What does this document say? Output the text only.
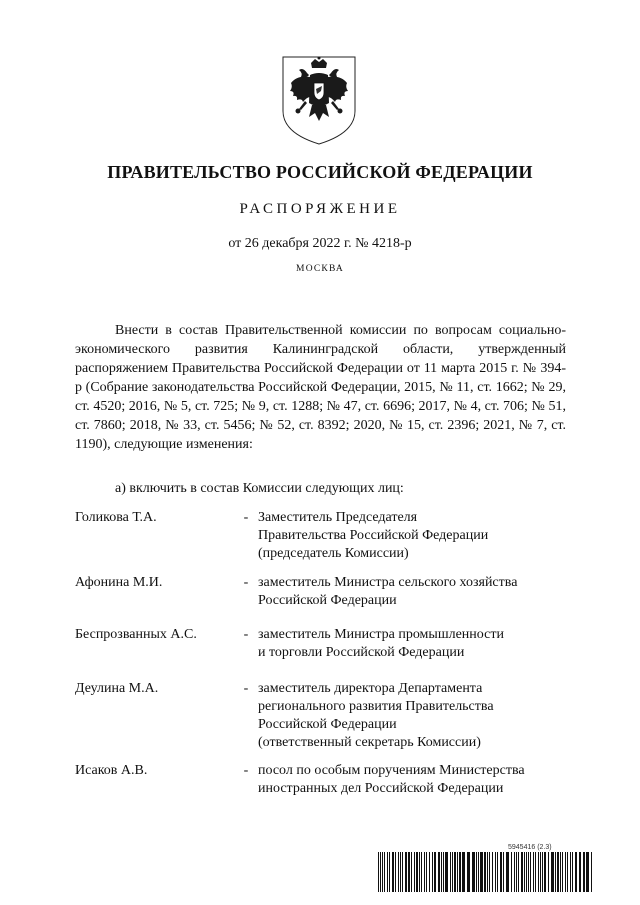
ПРАВИТЕЛЬСТВО РОССИЙСКОЙ ФЕДЕРАЦИИ
РАСПОРЯЖЕНИЕ
от 26 декабря 2022 г. № 4218-р
МОСКВА
Внести в состав Правительственной комиссии по вопросам социально-экономического развития Калининградской области, утвержденный распоряжением Правительства Российской Федерации от 11 марта 2015 г. № 394-р (Собрание законодательства Российской Федерации, 2015, № 11, ст. 1662; № 29, ст. 4520; 2016, № 5, ст. 725; № 9, ст. 1288; № 47, ст. 6696; 2017, № 4, ст. 706; № 51, ст. 7860; 2018, № 33, ст. 5456; № 52, ст. 8392; 2020, № 15, ст. 2396; 2021, № 7, ст. 1190), следующие изменения:
а) включить в состав Комиссии следующих лиц:
Голикова Т.А.	- Заместитель Председателя
Правительства Российской Федерации
(председатель Комиссии)
Афонина М.И.	- заместитель Министра сельского хозяйства
Российской Федерации
Беспрозванных А.С.	- заместитель Министра промышленности
и торговли Российской Федерации
Деулина М.А.	- заместитель директора Департамента
регионального развития Правительства
Российской Федерации
(ответственный секретарь Комиссии)
Исаков А.В.	- посол по особым поручениям Министерства
иностранных дел Российской Федерации
5945416 (2.3)
